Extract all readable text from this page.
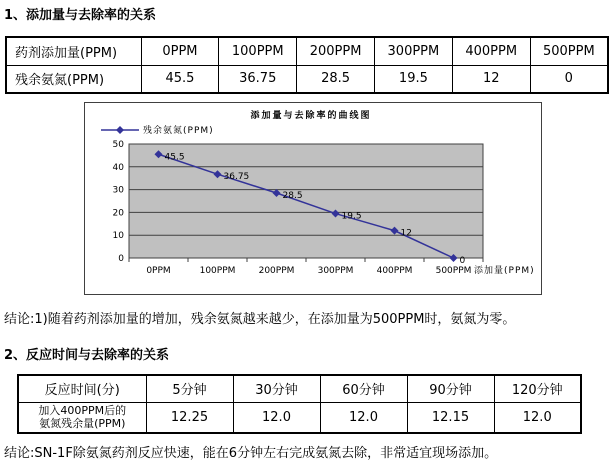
1、添加量与去除率的关系
药剂添加量(PPM)	0PPM	100PPM	200PPM	300PPM	400PPM	500PPM
残余氨氮(PPM)	45.5	36.75	28.5	19.5	12	0
添加量与去除率的曲线图
残余氨氮(PPM)
0
10
20
30
40
50
0PPM	100PPM	200PPM	300PPM	400PPM	500PPM 添加量(PPM)
45.5
36.75
28.5
19.5
12
0
结论:1)随着药剂添加量的增加，残余氨氮越来越少，在添加量为500PPM时，氨氮为零。
2、反应时间与去除率的关系
反应时间(分)	5分钟	30分钟	60分钟	90分钟	120分钟

加入400PPM后的
氨氮残余量(PPM)	12.25	12.0	12.0	12.15	12.0
结论:SN-1F除氨氮药剂反应快速，能在6分钟左右完成氨氮去除，非常适宜现场添加。
